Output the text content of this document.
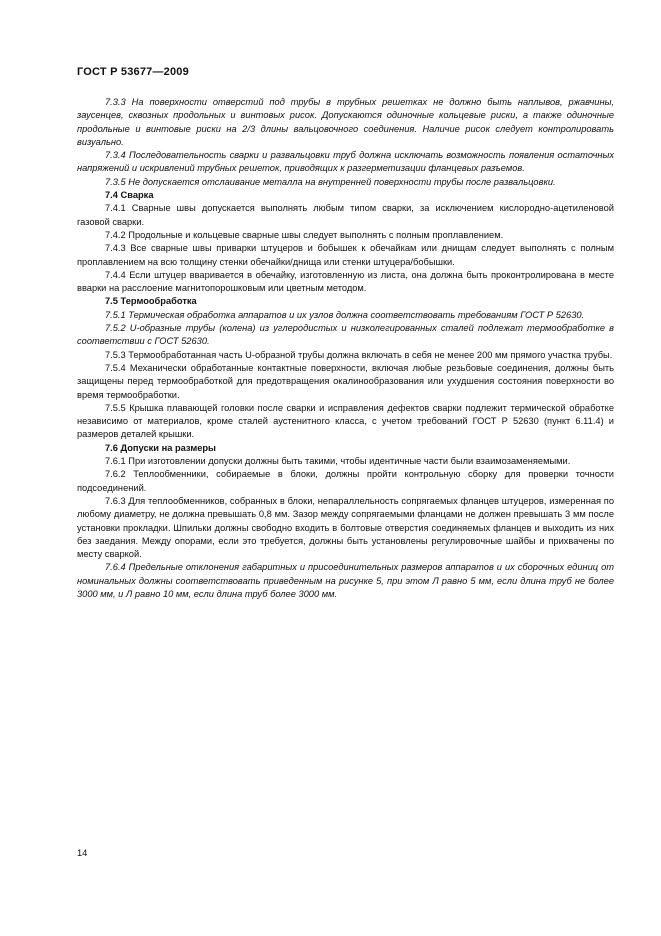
ГОСТ Р 53677—2009

7.3.3 На поверхности отверстий под трубы в трубных решетках не должно быть наплывов, ржавчины, заусенцев, сквозных продольных и винтовых рисок. Допускаются одиночные кольцевые риски, а также одиночные продольные и винтовые риски на 2/3 длины вальцовочного соединения. Наличие рисок следует контролировать визуально.

7.3.4 Последовательность сварки и развальцовки труб должна исключать возможность появления остаточных напряжений и искривлений трубных решеток, приводящих к разгерметизации фланцевых разъемов.

7.3.5 Не допускается отслаивание металла на внутренней поверхности трубы после развальцовки.

7.4 Сварка

7.4.1 Сварные швы допускается выполнять любым типом сварки, за исключением кислородно-ацетиленовой газовой сварки.

7.4.2 Продольные и кольцевые сварные швы следует выполнять с полным проплавлением.

7.4.3 Все сварные швы приварки штуцеров и бобышек к обечайкам или днищам следует выполнять с полным проплавлением на всю толщину стенки обечайки/днища или стенки штуцера/бобышки.

7.4.4 Если штуцер вваривается в обечайку, изготовленную из листа, она должна быть проконтролирована в месте вварки на расслоение магнитопорошковым или цветным методом.

7.5 Термообработка

7.5.1 Термическая обработка аппаратов и их узлов должна соответствовать требованиям ГОСТ Р 52630.

7.5.2 U-образные трубы (колена) из углеродистых и низколегированных сталей подлежат термообработке в соответствии с ГОСТ 52630.

7.5.3 Термообработанная часть U-образной трубы должна включать в себя не менее 200 мм прямого участка трубы.

7.5.4 Механически обработанные контактные поверхности, включая любые резьбовые соединения, должны быть защищены перед термообработкой для предотвращения окалинообразования или ухудшения состояния поверхности во время термообработки.

7.5.5 Крышка плавающей головки после сварки и исправления дефектов сварки подлежит термической обработке независимо от материалов, кроме сталей аустенитного класса, с учетом требований ГОСТ Р 52630 (пункт 6.11.4) и размеров деталей крышки.

7.6 Допуски на размеры

7.6.1 При изготовлении допуски должны быть такими, чтобы идентичные части были взаимозаменяемыми.

7.6.2 Теплообменники, собираемые в блоки, должны пройти контрольную сборку для проверки точности подсоединений.

7.6.3 Для теплообменников, собранных в блоки, непараллельность сопрягаемых фланцев штуцеров, измеренная по любому диаметру, не должна превышать 0,8 мм. Зазор между сопрягаемыми фланцами не должен превышать 3 мм после установки прокладки. Шпильки должны свободно входить в болтовые отверстия соединяемых фланцев и выходить из них без заедания. Между опорами, если это требуется, должны быть установлены регулировочные шайбы и прихвачены по месту сваркой.

7.6.4 Предельные отклонения габаритных и присоединительных размеров аппаратов и их сборочных единиц от номинальных должны соответствовать приведенным на рисунке 5, при этом Л равно 5 мм, если длина труб не более 3000 мм, и Л равно 10 мм, если длина труб более 3000 мм.

14
